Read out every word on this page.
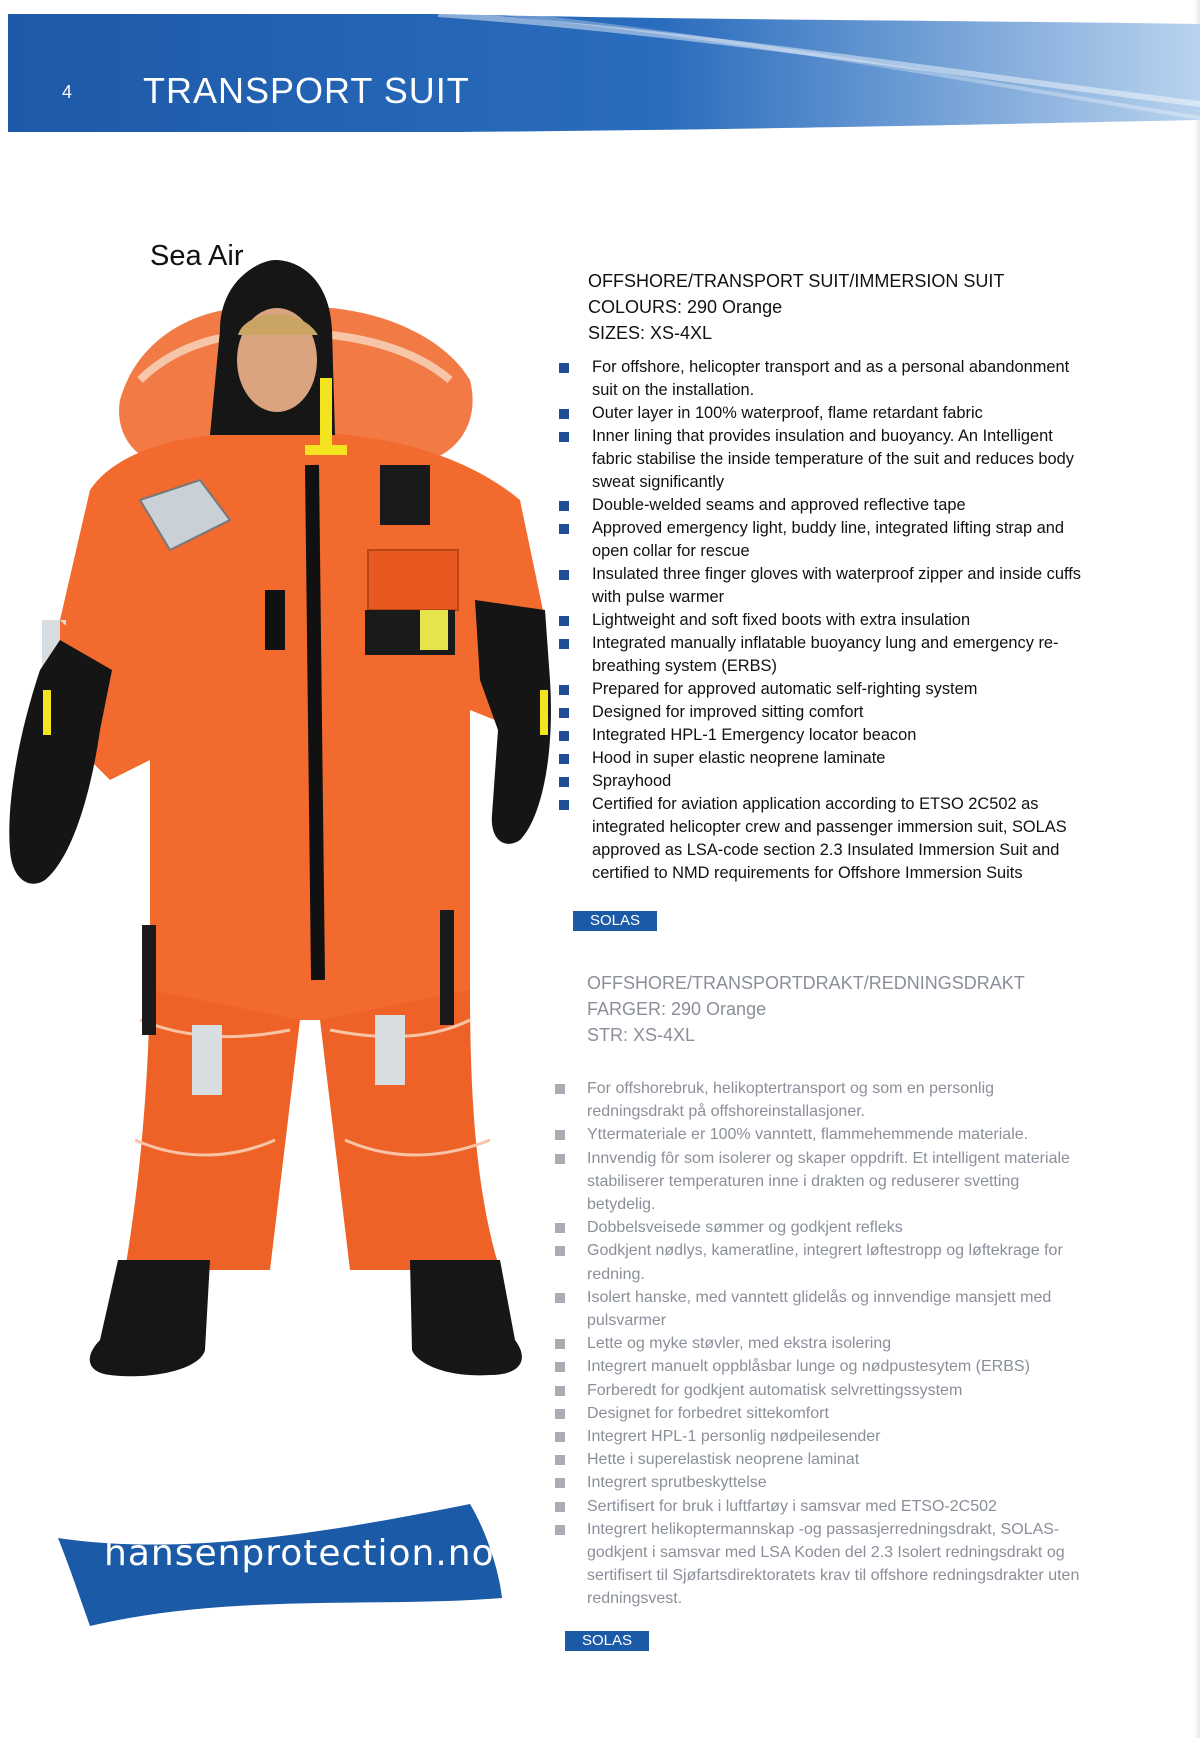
4 TRANSPORT SUIT
Sea Air
OFFSHORE/TRANSPORT SUIT/IMMERSION SUIT
COLOURS: 290 Orange
SIZES: XS-4XL
For offshore, helicopter transport and as a personal abandonment suit on the installation.
Outer layer in 100% waterproof, flame retardant fabric
Inner lining that provides insulation and buoyancy. An Intelligent fabric stabilise the inside temperature of the suit and reduces body sweat significantly
Double-welded seams and approved reflective tape
Approved emergency light, buddy line, integrated lifting strap and open collar for rescue
Insulated three finger gloves with waterproof zipper and inside cuffs with pulse warmer
Lightweight and soft fixed boots with extra insulation
Integrated manually inflatable buoyancy lung and emergency re-breathing system (ERBS)
Prepared for approved automatic self-righting system
Designed for improved sitting comfort
Integrated HPL-1 Emergency locator beacon
Hood in super elastic neoprene laminate
Sprayhood
Certified for aviation application according to ETSO 2C502 as integrated helicopter crew and passenger immersion suit, SOLAS approved as LSA-code section 2.3 Insulated Immersion Suit and certified to NMD requirements for Offshore Immersion Suits
SOLAS
OFFSHORE/TRANSPORTDRAKT/REDNINGSDRAKT
FARGER: 290 Orange
STR: XS-4XL
For offshorebruk, helikoptertransport og som en personlig redningsdrakt på offshoreinstallasjoner.
Yttermateriale er 100% vanntett, flammehemmende materiale.
Innvendig fôr som isolerer og skaper oppdrift. Et intelligent materiale stabiliserer temperaturen inne i drakten og reduserer svetting betydelig.
Dobbelsveisede sømmer og godkjent refleks
Godkjent nødlys, kameratline, integrert løftestropp og løftekrage for redning.
Isolert hanske, med vanntett glidelås og innvendige mansjett med pulsvarmer
Lette og myke støvler, med ekstra isolering
Integrert manuelt oppblåsbar lunge og nødpustesytem (ERBS)
Forberedt for godkjent automatisk selvrettingssystem
Designet for forbedret sittekomfort
Integrert HPL-1 personlig nødpeilesender
Hette i superelastisk neoprene laminat
Integrert sprutbeskyttelse
Sertifisert for bruk i luftfartøy i samsvar med ETSO-2C502
Integrert helikoptermannskap -og passasjerredningsdrakt, SOLAS- godkjent i samsvar med LSA Koden del 2.3 Isolert redningsdrakt og sertifisert til Sjøfartsdirektoratets krav til offshore redningsdrakter uten redningsvest.
SOLAS
hansenprotection.no
